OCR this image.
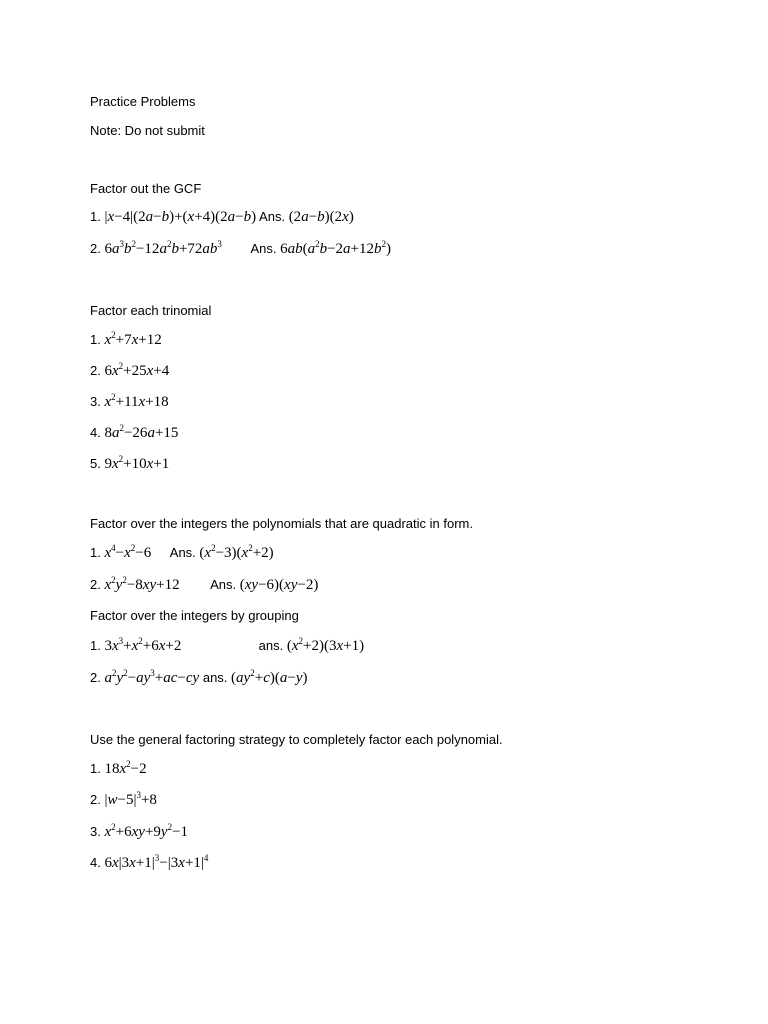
Practice Problems
Note: Do not submit
Factor out the GCF
1. |x−4|(2a−b)+(x+4)(2a−b) Ans. (2a−b)(2x)
2. $6a^3b^2-12a^2b+72ab^3$ Ans. $6ab(a^2b-2a+12b^2)$
Factor each trinomial
1. $x^2+7x+12$
2. $6x^2+25x+4$
3. $x^2+11x+18$
4. $8a^2-26a+15$
5. $9x^2+10x+1$
Factor over the integers the polynomials that are quadratic in form.
1. $x^4-x^2-6$ Ans. $(x^2-3)(x^2+2)$
2. $x^2y^2-8xy+12$ Ans. (xy−6)(xy−2)
Factor over the integers by grouping
1. $3x^3+x^2+6x+2$	ans. $(x^2+2)(3x+1)$
2. $a^2y^2-ay^3+ac-cy$ ans. $(ay^2+c)(a-y)$
Use the general factoring strategy to completely factor each polynomial.
1. $18x^2-2$
2. $|w-5|^3+8$
3. $x^2+6xy+9y^2-1$
4. $6x|3x+1|^3-|3x+1|^4$
